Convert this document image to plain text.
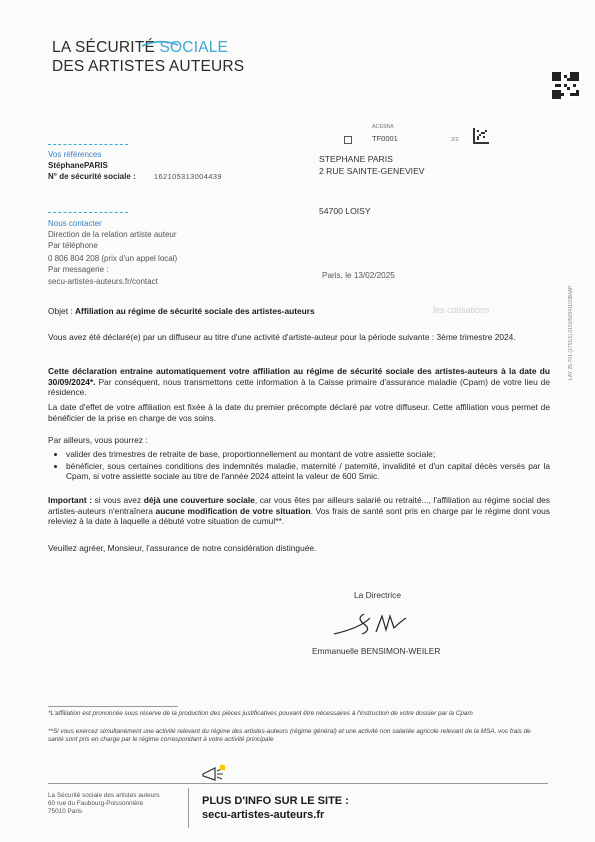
LA SÉCURITÉ SOCIALE
DES ARTISTES AUTEURS
ACE9BA
TF0001	2/2
Vos références
StéphanePARIS
N° de sécurité sociale : 162105313004439
Nous contacter
Direction de la relation artiste auteur
Par téléphone
0 806 804 208 (prix d'un appel local)
Par messagerie :
secu-artistes-auteurs.fr/contact
STEPHANE PARIS
2 RUE SAINTE-GENEVIEV
54700 LOISY
Paris, le 13/02/2025
les cotisations
Objet : Affiliation au régime de sécurité sociale des artistes-auteurs
Vous avez été déclaré(e) par un diffuseur au titre d'une activité d'artiste-auteur pour la période suivante : 3ème trimestre 2024.
Cette déclaration entraine automatiquement votre affiliation au régime de sécurité sociale des artistes-auteurs à la date du 30/09/2024*. Par conséquent, nous transmettons cette information à la Caisse primaire d'assurance maladie (Cpam) de votre lieu de résidence.
La date d'effet de votre affiliation est fixée à la date du premier précompte déclaré par votre diffuseur. Cette affiliation vous permet de bénéficier de la prise en charge de vos soins.
Par ailleurs, vous pourrez :
• valider des trimestres de retraite de base, proportionnellement au montant de votre assiette sociale;
• bénéficier, sous certaines conditions des indemnités maladie, maternité / paternité, invalidité et d'un capital décès versés par la Cpam, si votre assiette sociale au titre de l'année 2024 atteint la valeur de 600 Smic.
Important : si vous avez déjà une couverture sociale, car vous êtes par ailleurs salarié ou retraité..., l'affiliation au régime social des artistes-auteurs n'entraînera aucune modification de votre situation. Vos frais de santé sont pris en charge par le régime dont vous releviez à la date à laquelle a débuté votre situation de cumul**.
Veuillez agréer, Monsieur, l'assurance de notre considération distinguée.
La Directrice
Emmanuelle BENSIMON-WEILER
*L'affiliation est prononcée sous réserve de la production des pièces justificatives pouvant être nécessaires à l'instruction de votre dossier par la Cpam
**Si vous exercez simultanément une activité relevant du régime des artistes-auteurs (régime général) et une activité non salariée agricole relevant de la MSA, vos frais de santé sont pris en charge par le régime correspondant à votre activité principale
La Sécurité sociale des artistes auteurs
60 rue du Faubourg-Poissonnière
75010 Paris
PLUS D'INFO SUR LE SITE :
secu-artistes-auteurs.fr
LAY 25-701 (1751/1) 0150/50941103B4AP
